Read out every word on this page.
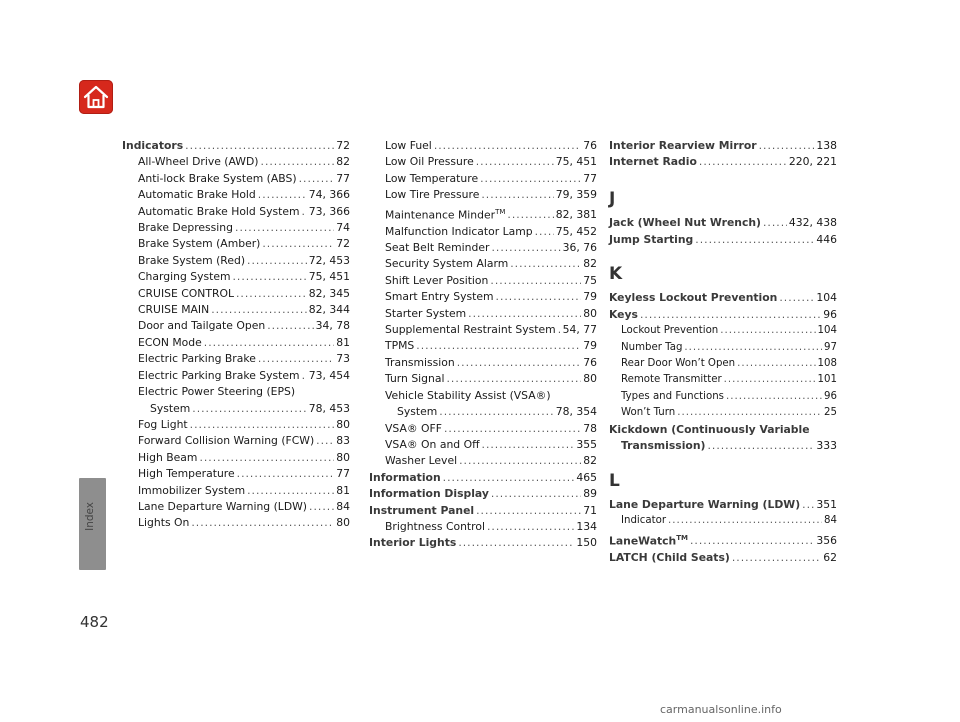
Index
482
Indicators .....	72
All-Wheel Drive (AWD) .....	82
Anti-lock Brake System (ABS) .....	77
Automatic Brake Hold .....	74, 366
Automatic Brake Hold System ..... 73, 366
Brake Depressing .....	74
Brake System (Amber) .....	72
Brake System (Red) .....	72, 453
Charging System .....	75, 451
CRUISE CONTROL .....	82, 345
CRUISE MAIN .....	82, 344
Door and Tailgate Open .....	34, 78
ECON Mode .....	81
Electric Parking Brake .....	73
Electric Parking Brake System ..... 73, 454
Electric Power Steering (EPS)
System .....	78, 453
Fog Light .....	80
Forward Collision Warning (FCW) ..... 83
High Beam .....	80
High Temperature .....	77
Immobilizer System .....	81
Lane Departure Warning (LDW) .....	84
Lights On .....	80
Low Fuel .....	76
Low Oil Pressure .....	75, 451
Low Temperature .....	77
Low Tire Pressure .....	79, 359
Maintenance Minder™ .....	82, 381
Malfunction Indicator Lamp ..... 75, 452
Seat Belt Reminder .....	36, 76
Security System Alarm .....	82
Shift Lever Position .....	75
Smart Entry System .....	79
Starter System .....	80
Supplemental Restraint System ..... 54, 77
TPMS .....	79
Transmission .....	76
Turn Signal .....	80
Vehicle Stability Assist (VSA®)
System .....	78, 354
VSA® OFF .....	78
VSA® On and Off .....	355
Washer Level .....	82
Information .....	465
Information Display .....	89
Instrument Panel .....	71
Brightness Control .....	134
Interior Lights .....	150
Interior Rearview Mirror .....	138
Internet Radio .....	220, 221
J
Jack (Wheel Nut Wrench) .....	432, 438
Jump Starting .....	446
K
Keyless Lockout Prevention .....	104
Keys .....	96
Lockout Prevention .....	104
Number Tag .....	97
Rear Door Won’t Open .....	108
Remote Transmitter .....	101
Types and Functions .....	96
Won’t Turn .....	25
Kickdown (Continuously Variable
Transmission) .....	333
L
Lane Departure Warning (LDW) ..... 351
Indicator .....	84
LaneWatch™ .....	356
LATCH (Child Seats) .....	62
carmanualsonline.info
